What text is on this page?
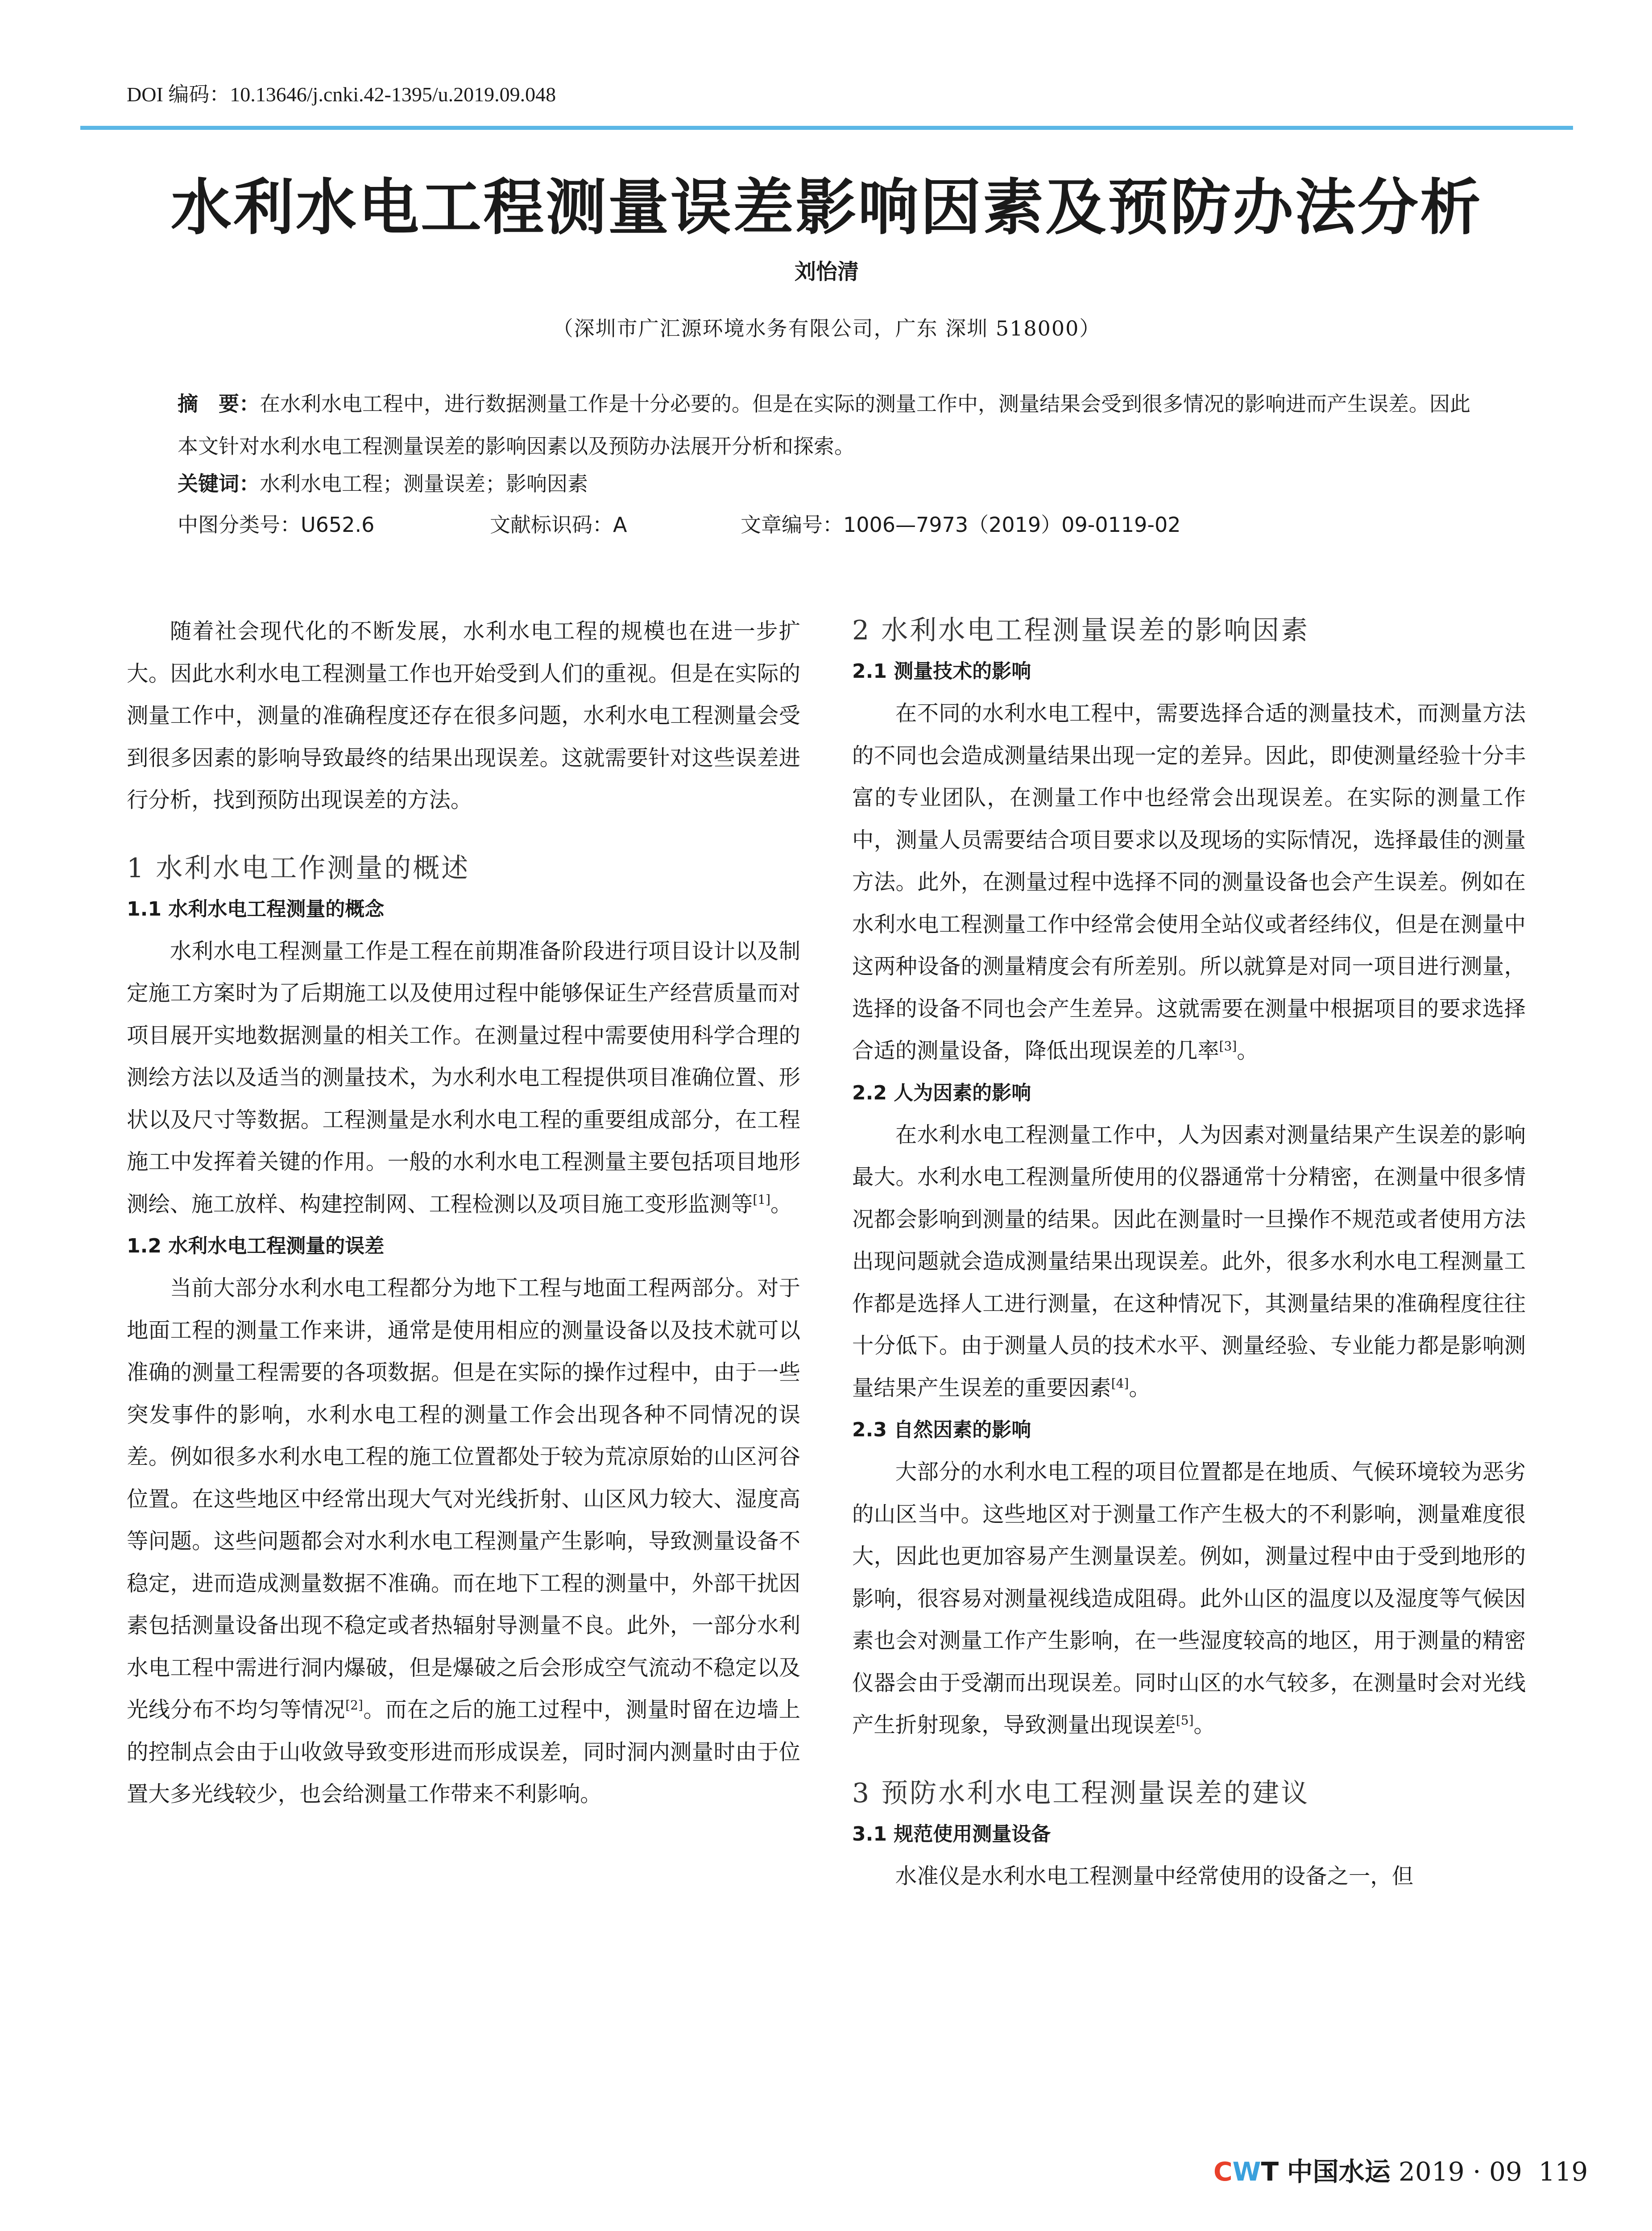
DOI 编码：10.13646/j.cnki.42-1395/u.2019.09.048
水利水电工程测量误差影响因素及预防办法分析
刘怡清
（深圳市广汇源环境水务有限公司，广东 深圳 518000）
摘　要：在水利水电工程中，进行数据测量工作是十分必要的。但是在实际的测量工作中，测量结果会受到很多情况的影响进而产生误差。因此本文针对水利水电工程测量误差的影响因素以及预防办法展开分析和探索。
关键词：水利水电工程；测量误差；影响因素
中图分类号：U652.6	文献标识码：A	文章编号：1006—7973（2019）09-0119-02

随着社会现代化的不断发展，水利水电工程的规模也在进一步扩大。因此水利水电工程测量工作也开始受到人们的重视。但是在实际的测量工作中，测量的准确程度还存在很多问题，水利水电工程测量会受到很多因素的影响导致最终的结果出现误差。这就需要针对这些误差进行分析，找到预防出现误差的方法。

1 水利水电工作测量的概述
1.1 水利水电工程测量的概念

水利水电工程测量工作是工程在前期准备阶段进行项目设计以及制定施工方案时为了后期施工以及使用过程中能够保证生产经营质量而对项目展开实地数据测量的相关工作。在测量过程中需要使用科学合理的测绘方法以及适当的测量技术，为水利水电工程提供项目准确位置、形状以及尺寸等数据。工程测量是水利水电工程的重要组成部分，在工程施工中发挥着关键的作用。一般的水利水电工程测量主要包括项目地形测绘、施工放样、构建控制网、工程检测以及项目施工变形监测等[1]。

1.2 水利水电工程测量的误差

当前大部分水利水电工程都分为地下工程与地面工程两部分。对于地面工程的测量工作来讲，通常是使用相应的测量设备以及技术就可以准确的测量工程需要的各项数据。但是在实际的操作过程中，由于一些突发事件的影响，水利水电工程的测量工作会出现各种不同情况的误差。例如很多水利水电工程的施工位置都处于较为荒凉原始的山区河谷位置。在这些地区中经常出现大气对光线折射、山区风力较大、湿度高等问题。这些问题都会对水利水电工程测量产生影响，导致测量设备不稳定，进而造成测量数据不准确。而在地下工程的测量中，外部干扰因素包括测量设备出现不稳定或者热辐射导测量不良。此外，一部分水利水电工程中需进行洞内爆破，但是爆破之后会形成空气流动不稳定以及光线分布不均匀等情况[2]。而在之后的施工过程中，测量时留在边墙上的控制点会由于山收敛导致变形进而形成误差，同时洞内测量时由于位置大多光线较少，也会给测量工作带来不利影响。

2 水利水电工程测量误差的影响因素
2.1 测量技术的影响

在不同的水利水电工程中，需要选择合适的测量技术，而测量方法的不同也会造成测量结果出现一定的差异。因此，即使测量经验十分丰富的专业团队，在测量工作中也经常会出现误差。在实际的测量工作中，测量人员需要结合项目要求以及现场的实际情况，选择最佳的测量方法。此外，在测量过程中选择不同的测量设备也会产生误差。例如在水利水电工程测量工作中经常会使用全站仪或者经纬仪，但是在测量中这两种设备的测量精度会有所差别。所以就算是对同一项目进行测量，选择的设备不同也会产生差异。这就需要在测量中根据项目的要求选择合适的测量设备，降低出现误差的几率[3]。

2.2 人为因素的影响

在水利水电工程测量工作中，人为因素对测量结果产生误差的影响最大。水利水电工程测量所使用的仪器通常十分精密，在测量中很多情况都会影响到测量的结果。因此在测量时一旦操作不规范或者使用方法出现问题就会造成测量结果出现误差。此外，很多水利水电工程测量工作都是选择人工进行测量，在这种情况下，其测量结果的准确程度往往十分低下。由于测量人员的技术水平、测量经验、专业能力都是影响测量结果产生误差的重要因素[4]。

2.3 自然因素的影响

大部分的水利水电工程的项目位置都是在地质、气候环境较为恶劣的山区当中。这些地区对于测量工作产生极大的不利影响，测量难度很大，因此也更加容易产生测量误差。例如，测量过程中由于受到地形的影响，很容易对测量视线造成阻碍。此外山区的温度以及湿度等气候因素也会对测量工作产生影响，在一些湿度较高的地区，用于测量的精密仪器会由于受潮而出现误差。同时山区的水气较多，在测量时会对光线产生折射现象，导致测量出现误差[5]。

3 预防水利水电工程测量误差的建议
3.1 规范使用测量设备

水准仪是水利水电工程测量中经常使用的设备之一，但

CWT 中国水运 2019 · 09 119
